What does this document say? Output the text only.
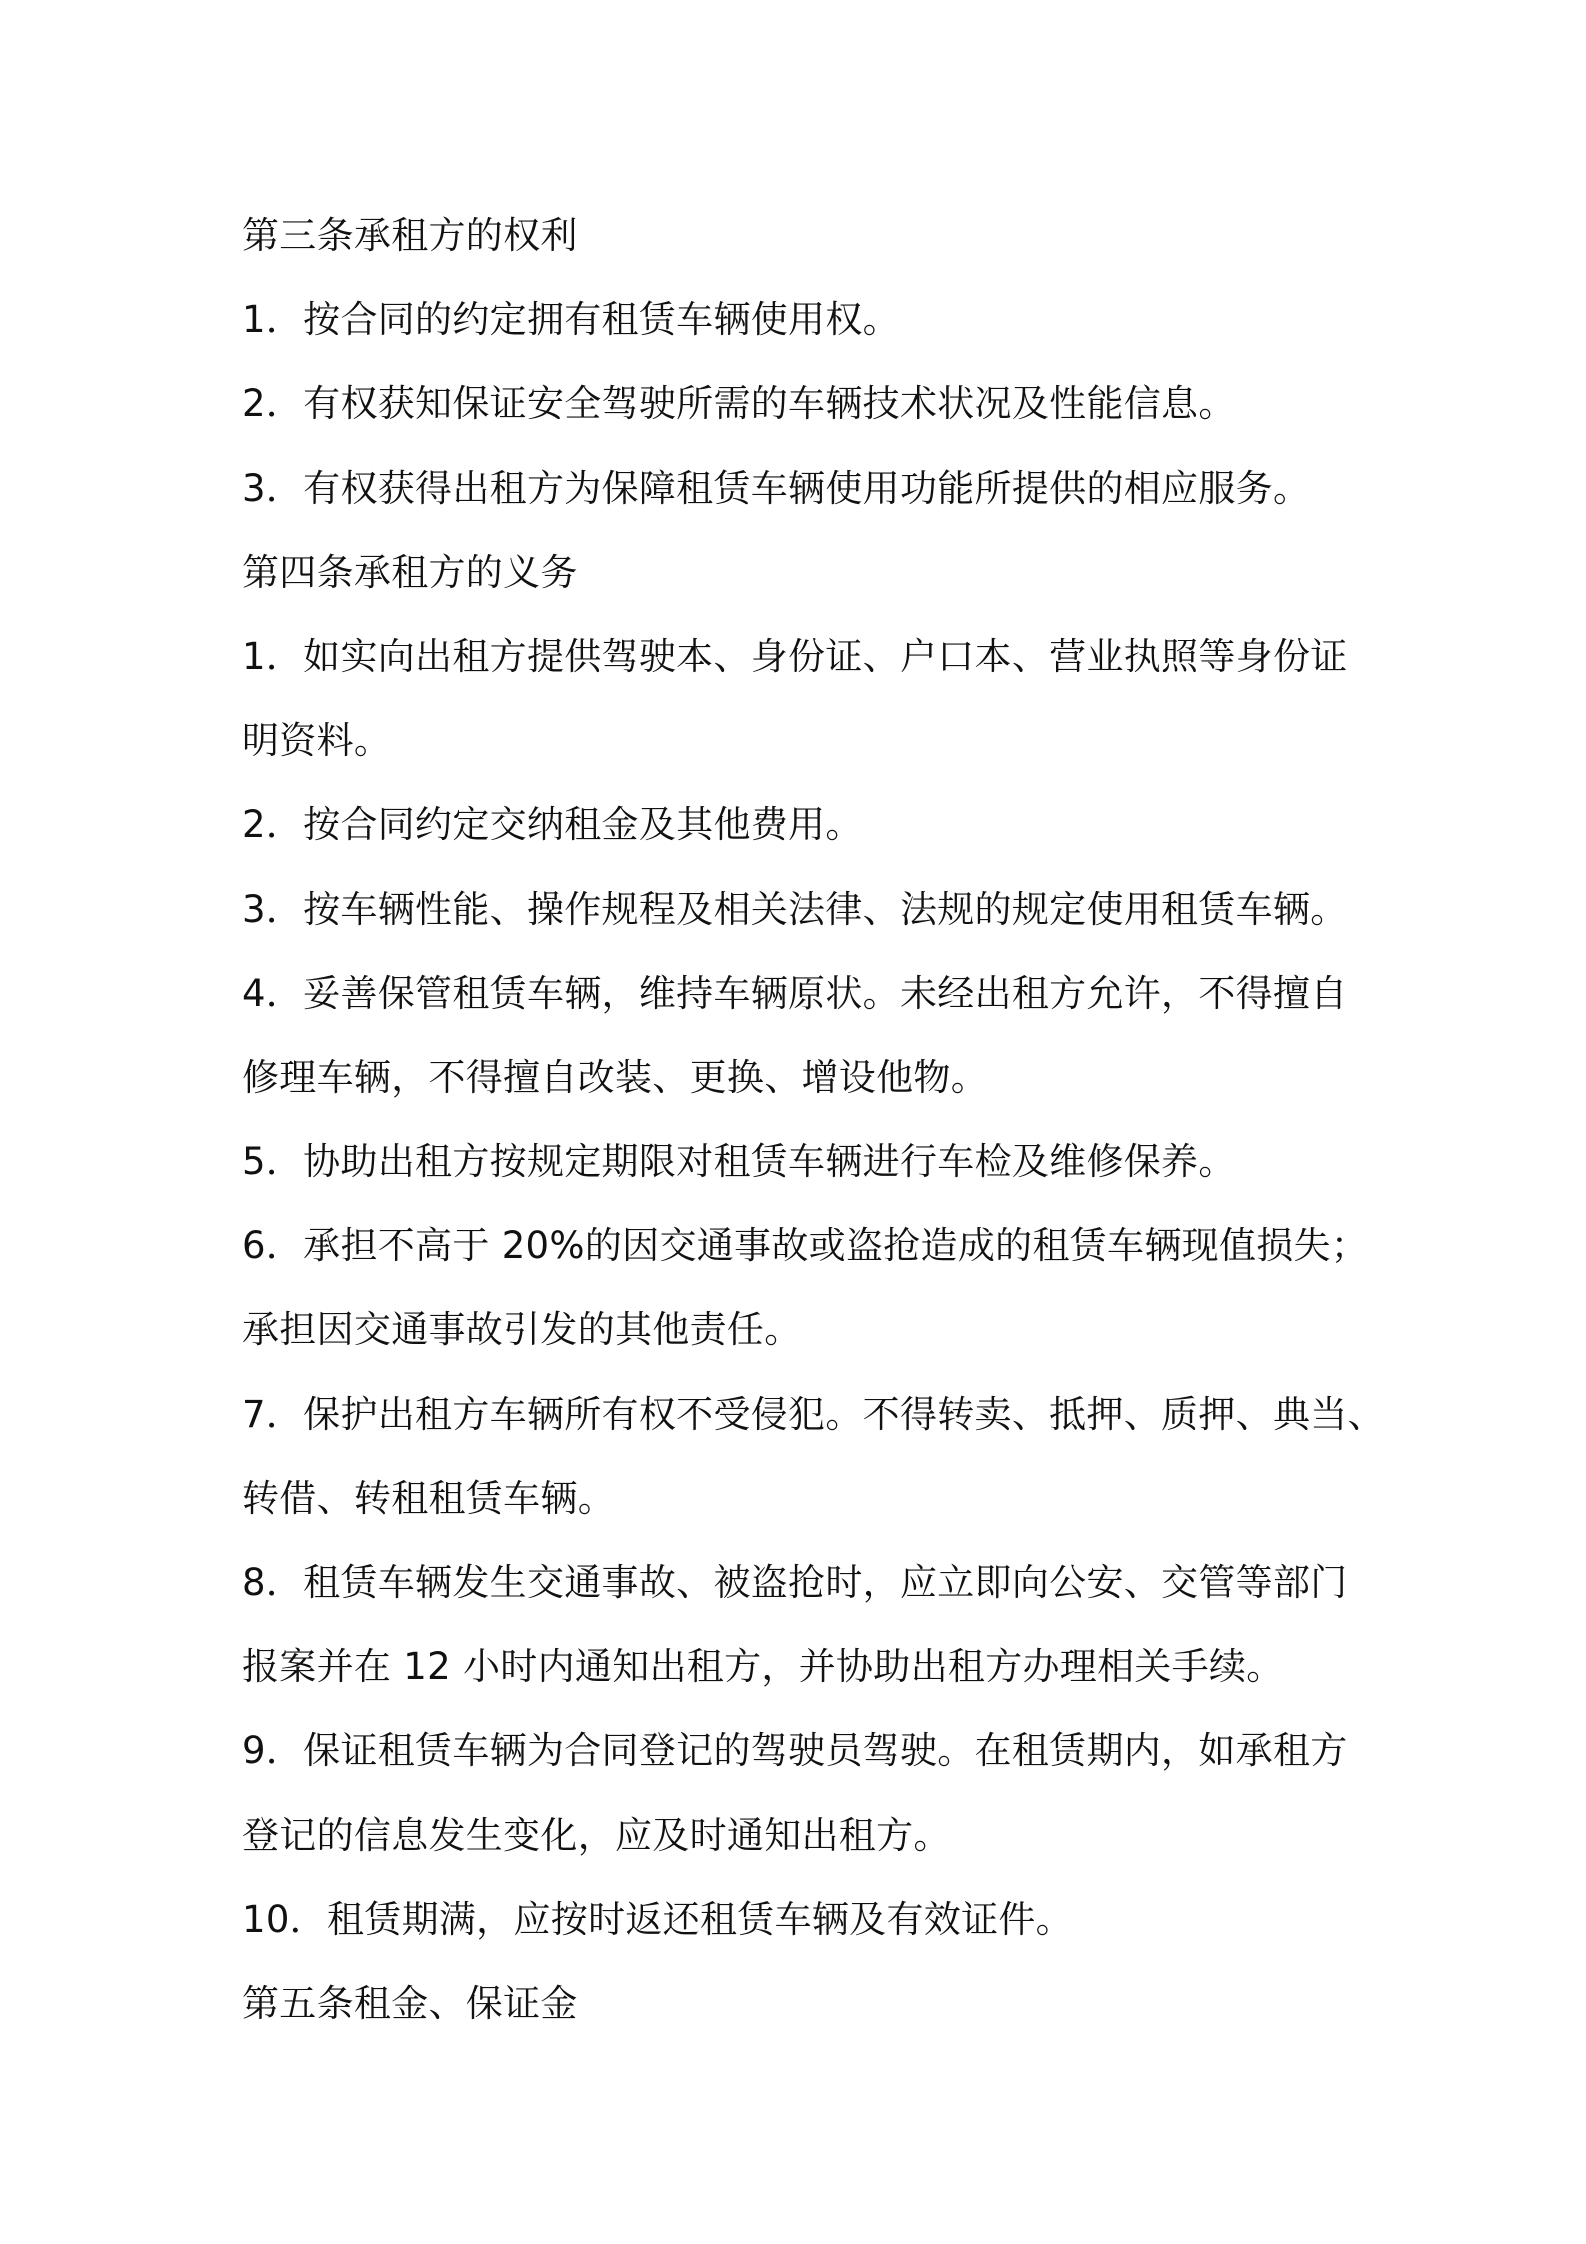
第三条承租方的权利
1．按合同的约定拥有租赁车辆使用权。
2．有权获知保证安全驾驶所需的车辆技术状况及性能信息。
3．有权获得出租方为保障租赁车辆使用功能所提供的相应服务。
第四条承租方的义务
1．如实向出租方提供驾驶本、身份证、户口本、营业执照等身份证
明资料。
2．按合同约定交纳租金及其他费用。
3．按车辆性能、操作规程及相关法律、法规的规定使用租赁车辆。
4．妥善保管租赁车辆，维持车辆原状。未经出租方允许，不得擅自
修理车辆，不得擅自改装、更换、增设他物。
5．协助出租方按规定期限对租赁车辆进行车检及维修保养。
6．承担不高于 20%的因交通事故或盗抢造成的租赁车辆现值损失；
承担因交通事故引发的其他责任。
7．保护出租方车辆所有权不受侵犯。不得转卖、抵押、质押、典当、
转借、转租租赁车辆。
8．租赁车辆发生交通事故、被盗抢时，应立即向公安、交管等部门
报案并在 12 小时内通知出租方，并协助出租方办理相关手续。
9．保证租赁车辆为合同登记的驾驶员驾驶。在租赁期内，如承租方
登记的信息发生变化，应及时通知出租方。
10．租赁期满，应按时返还租赁车辆及有效证件。
第五条租金、保证金
